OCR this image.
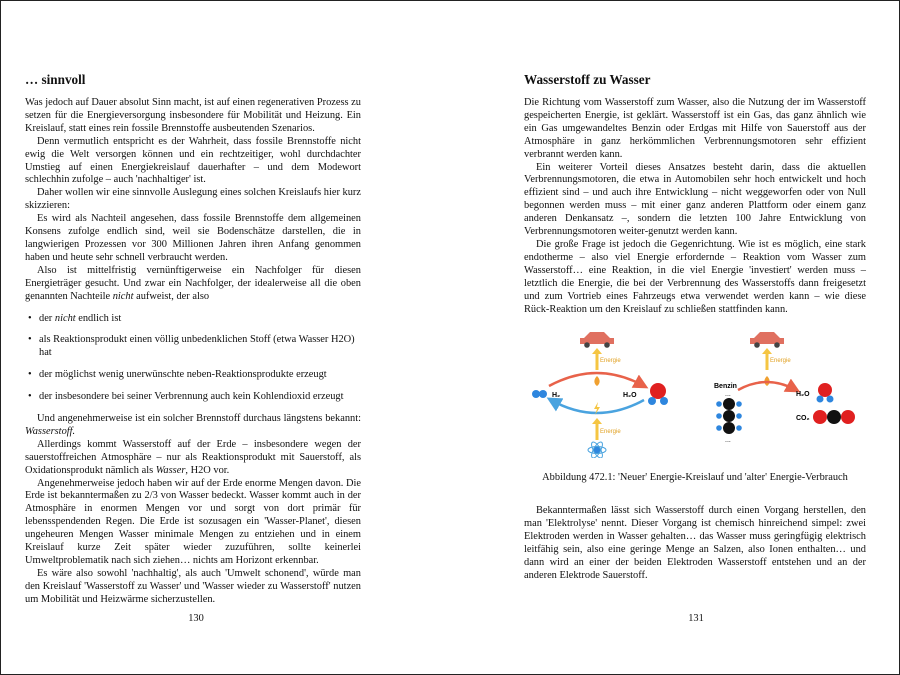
… sinnvoll

Was jedoch auf Dauer absolut Sinn macht, ist auf einen regenerativen Prozess zu setzen für die Energieversorgung insbesondere für Mobilität und Heizung. Ein Kreislauf, statt eines rein fossile Brennstoffe ausbeutenden Szenarios.

Denn vermutlich entspricht es der Wahrheit, dass fossile Brennstoffe nicht ewig die Welt versorgen können und ein rechtzeitiger, wohl durchdachter Umstieg auf einen Energiekreislauf dauerhafter – und dem Modewort schlechhin zufolge – auch 'nachhaltiger' ist.

Daher wollen wir eine sinnvolle Auslegung eines solchen Kreislaufs hier kurz skizzieren:

Es wird als Nachteil angesehen, dass fossile Brennstoffe dem allgemeinen Konsens zufolge endlich sind, weil sie Bodenschätze darstellen, die in langwierigen Prozessen vor 300 Millionen Jahren ihren Anfang genommen haben und heute sehr schnell verbraucht werden.

Also ist mittelfristig vernünftigerweise ein Nachfolger für diesen Energieträger gesucht. Und zwar ein Nachfolger, der idealerweise all die oben genannten Nachteile nicht aufweist, der also

• der nicht endlich ist
• als Reaktionsprodukt einen völlig unbedenklichen Stoff (etwa Wasser H2O) hat
• der möglichst wenig unerwünschte neben-Reaktionsprodukte erzeugt
• der insbesondere bei seiner Verbrennung auch kein Kohlendioxid erzeugt

Und angenehmerweise ist ein solcher Brennstoff durchaus längstens bekannt: Wasserstoff.

Allerdings kommt Wasserstoff auf der Erde – insbesondere wegen der sauerstoffreichen Atmosphäre – nur als Reaktionsprodukt mit Sauerstoff, als Oxidationsprodukt nämlich als Wasser, H2O vor.

Angenehmerweise jedoch haben wir auf der Erde enorme Mengen davon. Die Erde ist bekanntermaßen zu 2/3 von Wasser bedeckt. Wasser kommt auch in der Atmosphäre in enormen Mengen vor und sorgt von dort primär für lebensspendenden Regen. Die Erde ist sozusagen ein 'Wasser-Planet', diesen ungeheuren Mengen Wasser minimale Mengen zu entziehen und in einem Kreislauf kurze Zeit später wieder zuzuführen, sollte keinerlei Umweltproblematik nach sich ziehen… nichts am Horizont erkennbar.

Es wäre also sowohl 'nachhaltig', als auch 'Umwelt schonend', würde man den Kreislauf 'Wasserstoff zu Wasser' und 'Wasser wieder zu Wasserstoff' nutzen um Mobilität und Heizwärme sicherzustellen.

130
Wasserstoff zu Wasser

Die Richtung vom Wasserstoff zum Wasser, also die Nutzung der im Wasserstoff gespeicherten Energie, ist geklärt. Wasserstoff ist ein Gas, das ganz ähnlich wie ein Gas umgewandeltes Benzin oder Erdgas mit Hilfe von Sauerstoff aus der Atmosphäre in ganz herkömmlichen Verbrennungsmotoren sehr effizient verbrannt werden kann.

Ein weiterer Vorteil dieses Ansatzes besteht darin, dass die aktuellen Verbrennungsmotoren, die etwa in Automobilen sehr hoch entwickelt und hoch effizient sind – und auch ihre Entwicklung – nicht weggeworfen oder von Null begonnen werden muss – mit einer ganz anderen Plattform oder einem ganz anderen Denkansatz –, sondern die letzten 100 Jahre Entwicklung von Verbrennungsmotoren weiter-genutzt werden kann.

Die große Frage ist jedoch die Gegenrichtung. Wie ist es möglich, eine stark endotherme – also viel Energie erfordernde – Reaktion vom Wasser zum Wasserstoff… eine Reaktion, in die viel Energie 'investiert' werden muss – letztlich die Energie, die bei der Verbrennung des Wasserstoffs dann freigesetzt und zum Vortrieb eines Fahrzeugs etwa verwendet werden kann – wie diese Rück-Reaktion um den Kreislauf zu schließen stattfinden kann.

Energie
H₂	H₂O
Energie
Energie
Benzin
...
...
H₂O
CO₂

Abbildung 472.1: 'Neuer' Energie-Kreislauf und 'alter' Energie-Verbrauch

Bekanntermaßen lässt sich Wasserstoff durch einen Vorgang herstellen, den man 'Elektrolyse' nennt. Dieser Vorgang ist chemisch hinreichend simpel: zwei Elektroden werden in Wasser gehalten… das Wasser muss geringfügig elektrisch leitfähig sein, also eine geringe Menge an Salzen, also Ionen enthalten… und dann wird an einer der beiden Elektroden Wasserstoff entstehen und an der anderen Elektrode Sauerstoff.

131
